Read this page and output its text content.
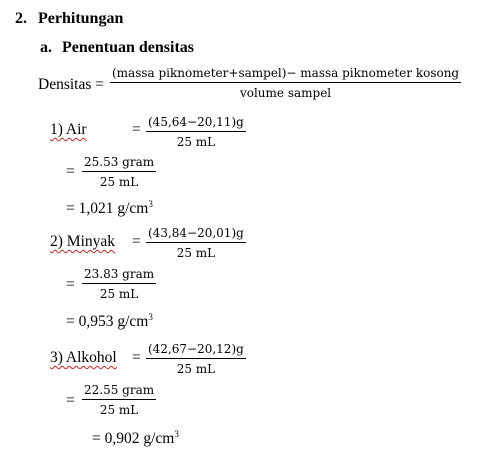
2. Perhitungan
a. Penentuan densitas
Densitas =
(massa piknometer+sampel)− massa piknometer kosong
volume sampel
1) Air	= (45,64−20,11)g
25 mL
=
25.53 gram
25 mL
= 1,021 $g/cm^3$
2) Minyak = (43,84−20,01)g
25 mL
=
23.83 gram
25 mL
= 0,953 $g/cm^3$
3) Alkohol = (42,67−20,12)g
25 mL
=
22.55 gram
25 mL
= 0,902 $g/cm^3$
